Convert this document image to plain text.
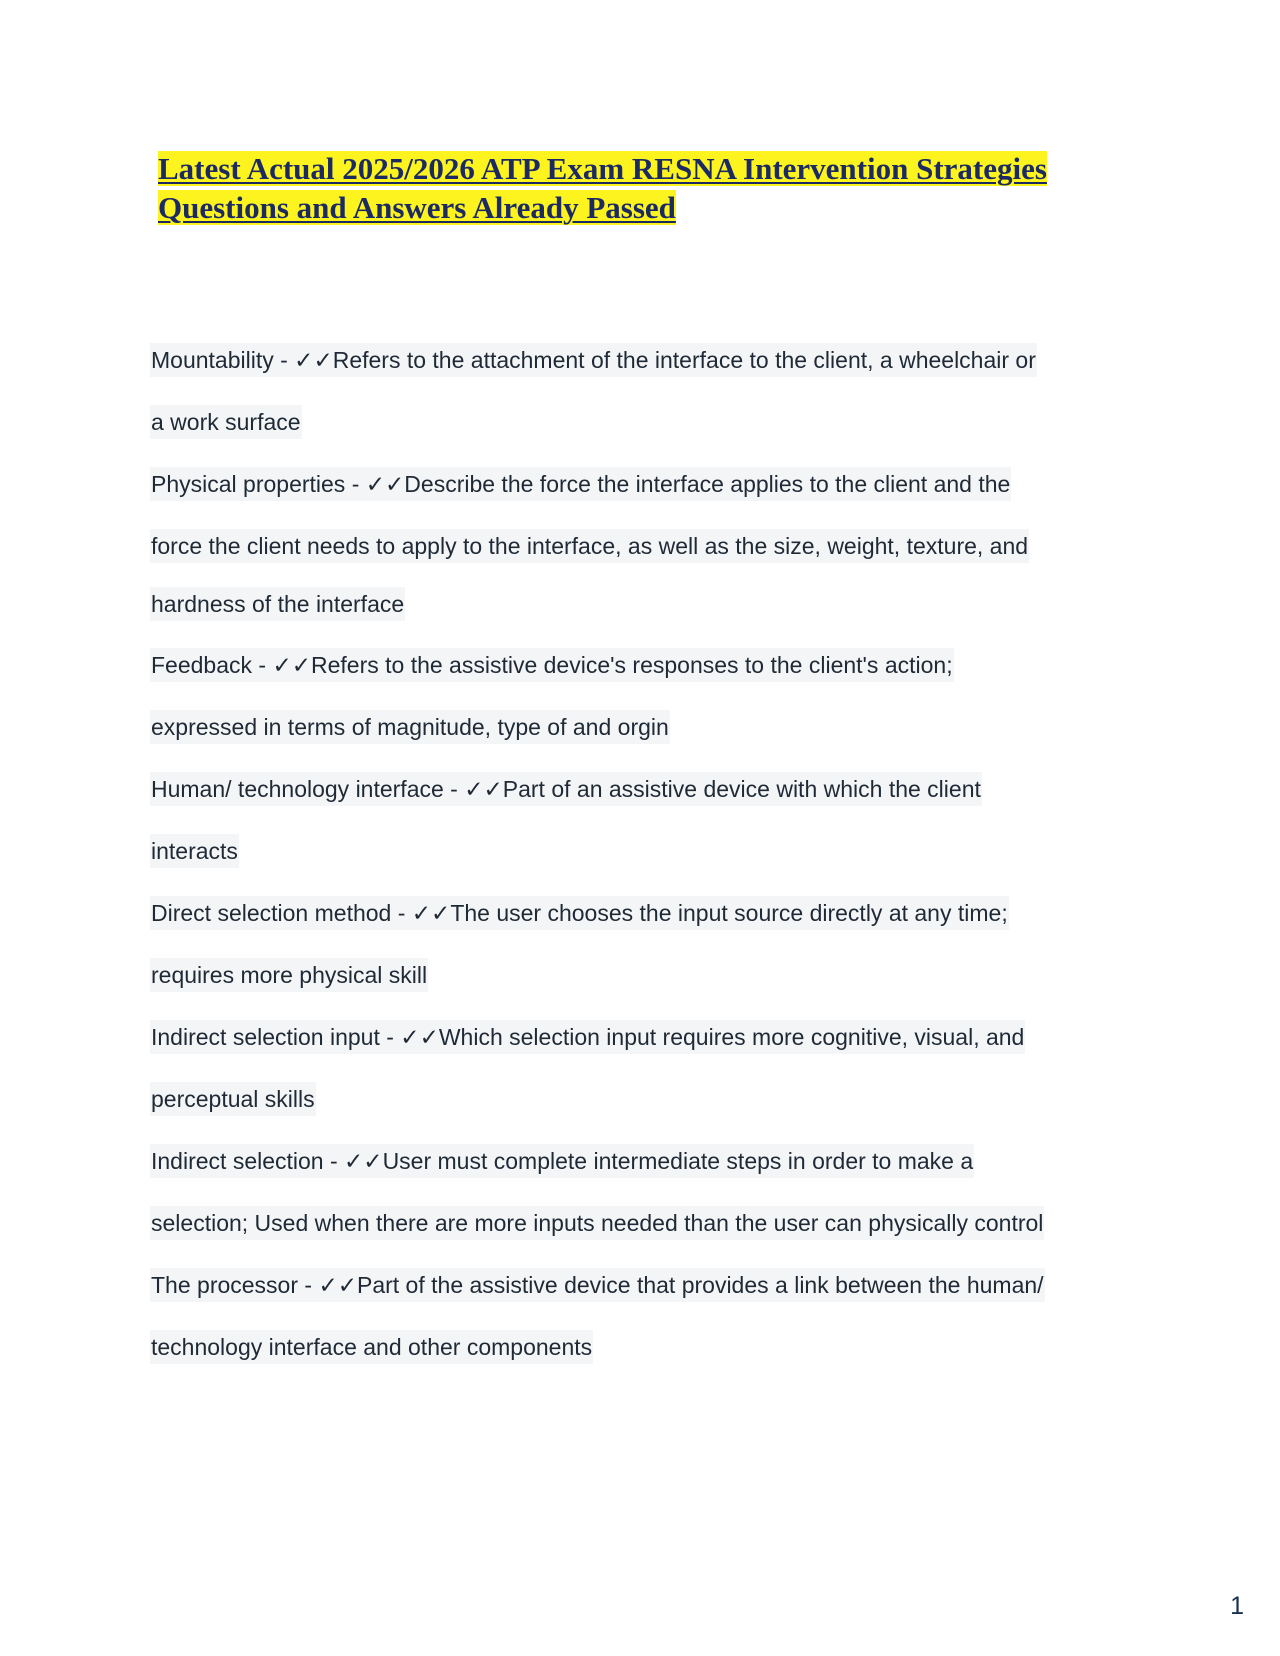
Latest Actual 2025/2026 ATP Exam RESNA Intervention Strategies
Questions and Answers Already Passed
Mountability - ✓✓Refers to the attachment of the interface to the client, a wheelchair or
a work surface
Physical properties - ✓✓Describe the force the interface applies to the client and the
force the client needs to apply to the interface, as well as the size, weight, texture, and
hardness of the interface
Feedback - ✓✓Refers to the assistive device's responses to the client's action;
expressed in terms of magnitude, type of and orgin
Human/ technology interface - ✓✓Part of an assistive device with which the client
interacts
Direct selection method - ✓✓The user chooses the input source directly at any time;
requires more physical skill
Indirect selection input - ✓✓Which selection input requires more cognitive, visual, and
perceptual skills
Indirect selection - ✓✓User must complete intermediate steps in order to make a
selection; Used when there are more inputs needed than the user can physically control
The processor - ✓✓Part of the assistive device that provides a link between the human/
technology interface and other components
1
